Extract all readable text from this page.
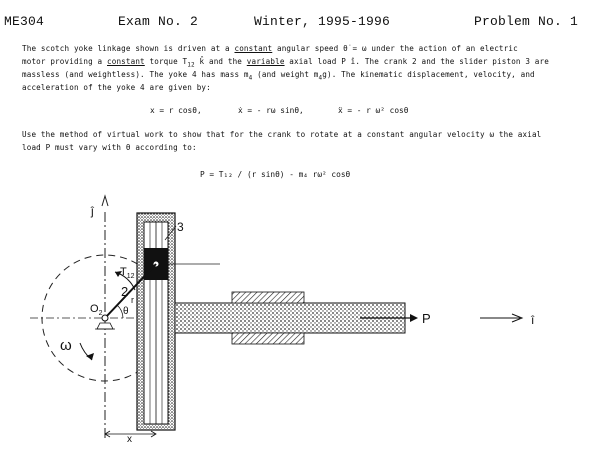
ME304	Exam No. 2	Winter, 1995-1996	Problem No. 1
The scotch yoke linkage shown is driven at a constant angular speed θ̇ = ω under the action of an electric
motor providing a constant torque $T_{12}$ k̂ and the variable axial load P î. The crank 2 and the slider piston 3 are
massless (and weightless). The yoke 4 has mass $m_4$ (and weight $m_4g$). The kinematic displacement, velocity, and
acceleration of the yoke 4 are given by:
x = r cosθ,	ẋ = - rω sinθ,	ẍ = - r ω² cosθ
Use the method of virtual work to show that for the crank to rotate at a constant angular velocity ω the axial
load P must vary with θ according to:
P = T₁₂ / (r sinθ) - m₄ rω² cosθ
ĵ
3
$T_{12}$
2
r
θ
$O_2$
ω
P	î
x
